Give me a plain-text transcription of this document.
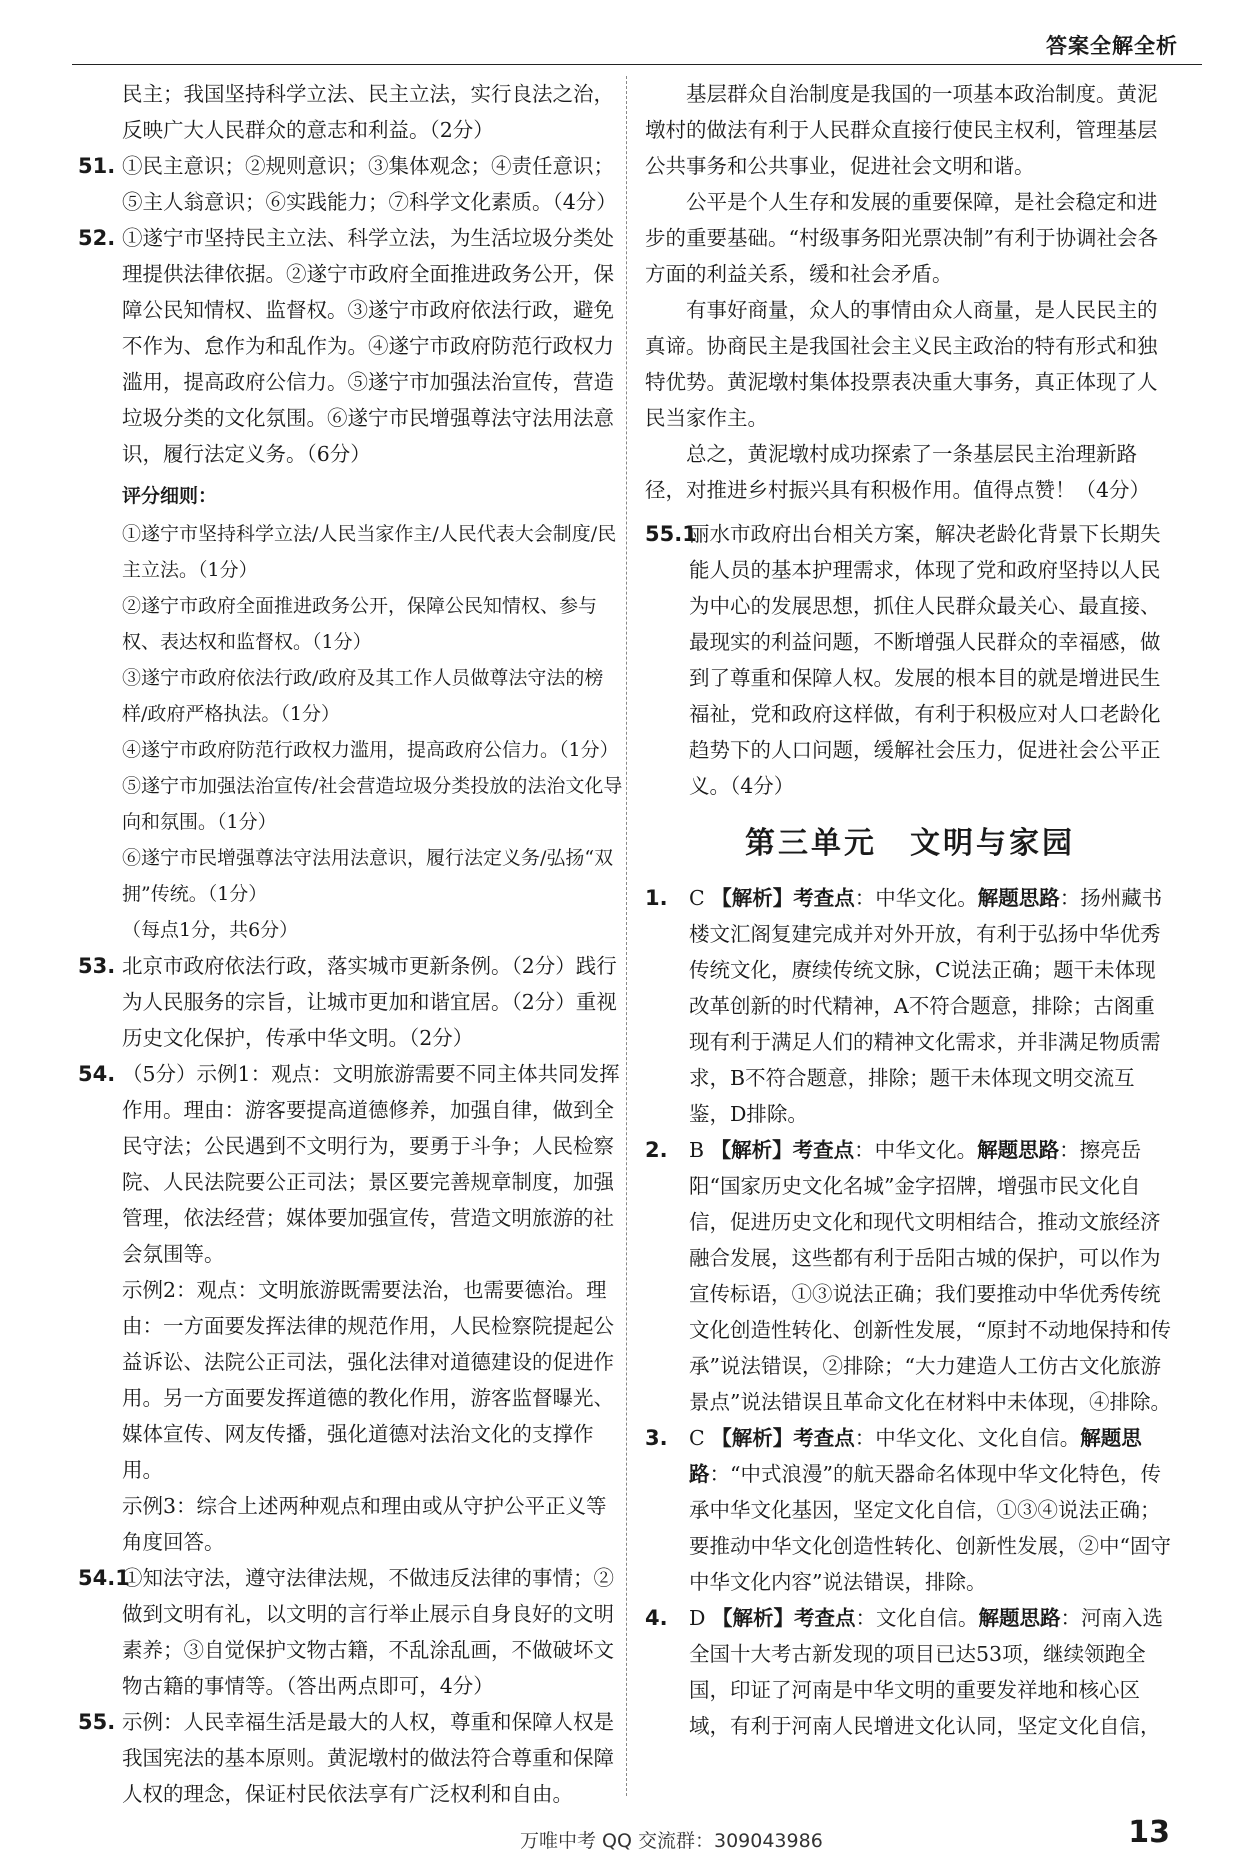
答案全解全析

民主；我国坚持科学立法、民主立法，实行良法之治，反映广大人民群众的意志和利益。（2分）

51. ①民主意识；②规则意识；③集体观念；④责任意识；⑤主人翁意识；⑥实践能力；⑦科学文化素质。（4分）

52. ①遂宁市坚持民主立法、科学立法，为生活垃圾分类处理提供法律依据。②遂宁市政府全面推进政务公开，保障公民知情权、监督权。③遂宁市政府依法行政，避免不作为、怠作为和乱作为。④遂宁市政府防范行政权力滥用，提高政府公信力。⑤遂宁市加强法治宣传，营造垃圾分类的文化氛围。⑥遂宁市民增强尊法守法用法意识，履行法定义务。（6分）

评分细则：

①遂宁市坚持科学立法/人民当家作主/人民代表大会制度/民主立法。（1分）

②遂宁市政府全面推进政务公开，保障公民知情权、参与权、表达权和监督权。（1分）

③遂宁市政府依法行政/政府及其工作人员做尊法守法的榜样/政府严格执法。（1分）

④遂宁市政府防范行政权力滥用，提高政府公信力。（1分）

⑤遂宁市加强法治宣传/社会营造垃圾分类投放的法治文化导向和氛围。（1分）

⑥遂宁市民增强尊法守法用法意识，履行法定义务/弘扬“双拥”传统。（1分）

（每点1分，共6分）

53. 北京市政府依法行政，落实城市更新条例。（2分）践行为人民服务的宗旨，让城市更加和谐宜居。（2分）重视历史文化保护，传承中华文明。（2分）

54. （5分）示例1：观点：文明旅游需要不同主体共同发挥作用。理由：游客要提高道德修养，加强自律，做到全民守法；公民遇到不文明行为，要勇于斗争；人民检察院、人民法院要公正司法；景区要完善规章制度，加强管理，依法经营；媒体要加强宣传，营造文明旅游的社会氛围等。

示例2：观点：文明旅游既需要法治，也需要德治。理由：一方面要发挥法律的规范作用，人民检察院提起公益诉讼、法院公正司法，强化法律对道德建设的促进作用。另一方面要发挥道德的教化作用，游客监督曝光、媒体宣传、网友传播，强化道德对法治文化的支撑作用。

示例3：综合上述两种观点和理由或从守护公平正义等角度回答。

54.1

①知法守法，遵守法律法规，不做违反法律的事情；②做到文明有礼，以文明的言行举止展示自身良好的文明素养；③自觉保护文物古籍，不乱涂乱画，不做破坏文物古籍的事情等。（答出两点即可，4分）

55. 示例：人民幸福生活是最大的人权，尊重和保障人权是我国宪法的基本原则。黄泥墩村的做法符合尊重和保障人权的理念，保证村民依法享有广泛权利和自由。

基层群众自治制度是我国的一项基本政治制度。黄泥墩村的做法有利于人民群众直接行使民主权利，管理基层公共事务和公共事业，促进社会文明和谐。

公平是个人生存和发展的重要保障，是社会稳定和进步的重要基础。“村级事务阳光票决制”有利于协调社会各方面的利益关系，缓和社会矛盾。

有事好商量，众人的事情由众人商量，是人民民主的真谛。协商民主是我国社会主义民主政治的特有形式和独特优势。黄泥墩村集体投票表决重大事务，真正体现了人民当家作主。

总之，黄泥墩村成功探索了一条基层民主治理新路径，对推进乡村振兴具有积极作用。值得点赞！（4分）

55.1

丽水市政府出台相关方案，解决老龄化背景下长期失能人员的基本护理需求，体现了党和政府坚持以人民为中心的发展思想，抓住人民群众最关心、最直接、最现实的利益问题，不断增强人民群众的幸福感，做到了尊重和保障人权。发展的根本目的就是增进民生福祉，党和政府这样做，有利于积极应对人口老龄化趋势下的人口问题，缓解社会压力，促进社会公平正义。（4分）

第三单元　文明与家园
1. C 【解析】考查点：中华文化。解题思路：扬州藏书楼文汇阁复建完成并对外开放，有利于弘扬中华优秀传统文化，赓续传统文脉，C说法正确；题干未体现改革创新的时代精神，A不符合题意，排除；古阁重现有利于满足人们的精神文化需求，并非满足物质需求，B不符合题意，排除；题干未体现文明交流互鉴，D排除。

2. B 【解析】考查点：中华文化。解题思路：擦亮岳阳“国家历史文化名城”金字招牌，增强市民文化自信，促进历史文化和现代文明相结合，推动文旅经济融合发展，这些都有利于岳阳古城的保护，可以作为宣传标语，①③说法正确；我们要推动中华优秀传统文化创造性转化、创新性发展，“原封不动地保持和传承”说法错误，②排除；“大力建造人工仿古文化旅游景点”说法错误且革命文化在材料中未体现，④排除。

3. C 【解析】考查点：中华文化、文化自信。解题思路：“中式浪漫”的航天器命名体现中华文化特色，传承中华文化基因，坚定文化自信，①③④说法正确；要推动中华文化创造性转化、创新性发展，②中“固守中华文化内容”说法错误，排除。

4. D 【解析】考查点：文化自信。解题思路：河南入选全国十大考古新发现的项目已达53项，继续领跑全国，印证了河南是中华文明的重要发祥地和核心区域，有利于河南人民增进文化认同，坚定文化自信，

万唯中考 QQ 交流群：309043986	13
